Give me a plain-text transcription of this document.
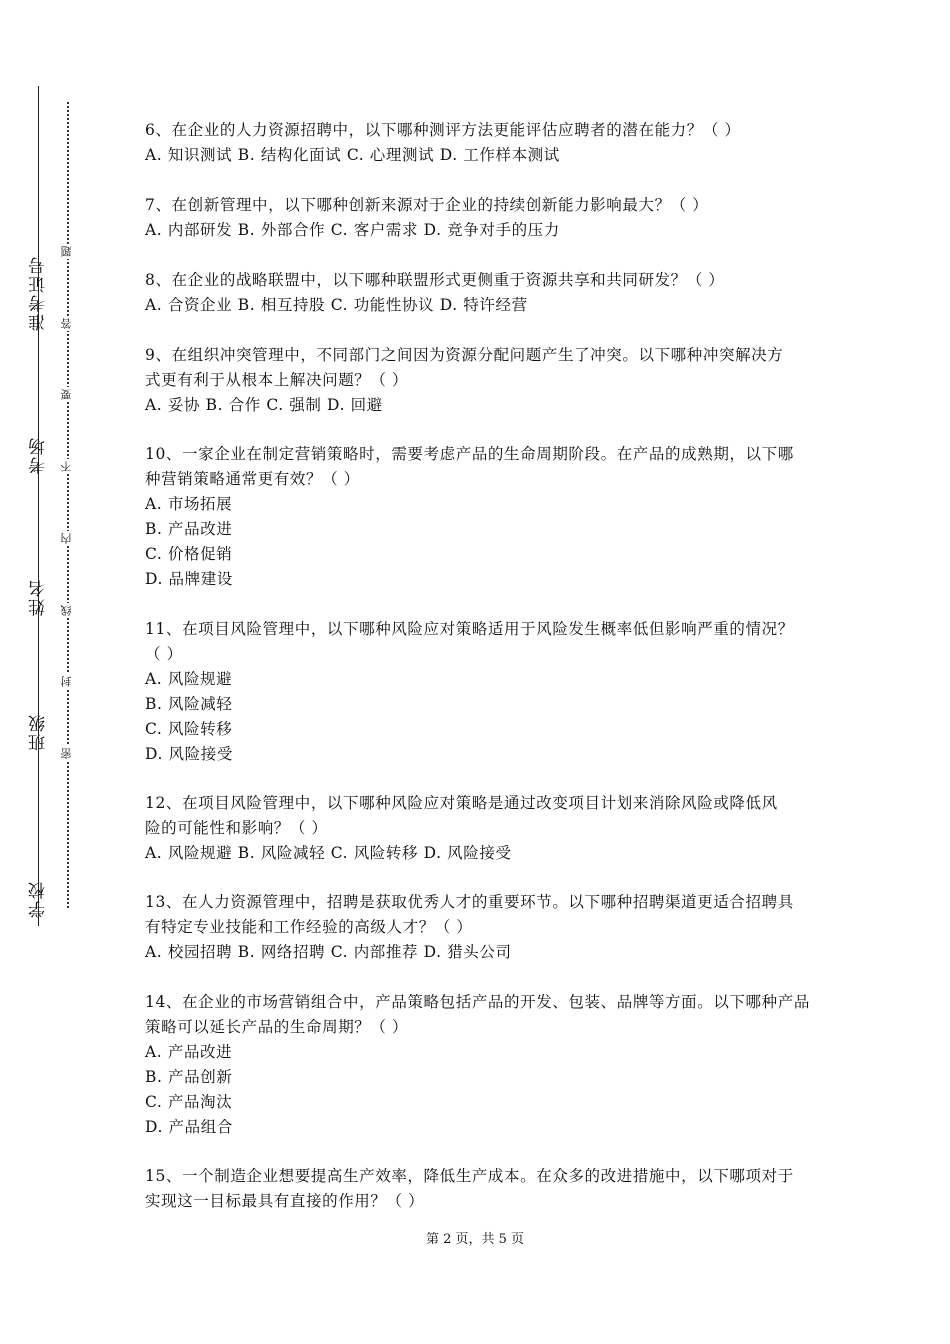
准考证号
考场
姓名
班级
学校
题
答
要
不
内
线
封
密
6、在企业的人力资源招聘中，以下哪种测评方法更能评估应聘者的潜在能力？（ ）
A. 知识测试 B. 结构化面试 C. 心理测试 D. 工作样本测试
7、在创新管理中，以下哪种创新来源对于企业的持续创新能力影响最大？（ ）
A. 内部研发 B. 外部合作 C. 客户需求 D. 竞争对手的压力
8、在企业的战略联盟中，以下哪种联盟形式更侧重于资源共享和共同研发？（ ）
A. 合资企业 B. 相互持股 C. 功能性协议 D. 特许经营
9、在组织冲突管理中，不同部门之间因为资源分配问题产生了冲突。以下哪种冲突解决方
式更有利于从根本上解决问题？（ ）
A. 妥协 B. 合作 C. 强制 D. 回避
10、一家企业在制定营销策略时，需要考虑产品的生命周期阶段。在产品的成熟期，以下哪
种营销策略通常更有效？（ ）
A. 市场拓展
B. 产品改进
C. 价格促销
D. 品牌建设
11、在项目风险管理中，以下哪种风险应对策略适用于风险发生概率低但影响严重的情况？
（ ）
A. 风险规避
B. 风险减轻
C. 风险转移
D. 风险接受
12、在项目风险管理中，以下哪种风险应对策略是通过改变项目计划来消除风险或降低风
险的可能性和影响？（ ）
A. 风险规避 B. 风险减轻 C. 风险转移 D. 风险接受
13、在人力资源管理中，招聘是获取优秀人才的重要环节。以下哪种招聘渠道更适合招聘具
有特定专业技能和工作经验的高级人才？（ ）
A. 校园招聘 B. 网络招聘 C. 内部推荐 D. 猎头公司
14、在企业的市场营销组合中，产品策略包括产品的开发、包装、品牌等方面。以下哪种产品
策略可以延长产品的生命周期？（ ）
A. 产品改进
B. 产品创新
C. 产品淘汰
D. 产品组合
15、一个制造企业想要提高生产效率，降低生产成本。在众多的改进措施中，以下哪项对于
实现这一目标最具有直接的作用？（ ）
第 2 页，共 5 页
